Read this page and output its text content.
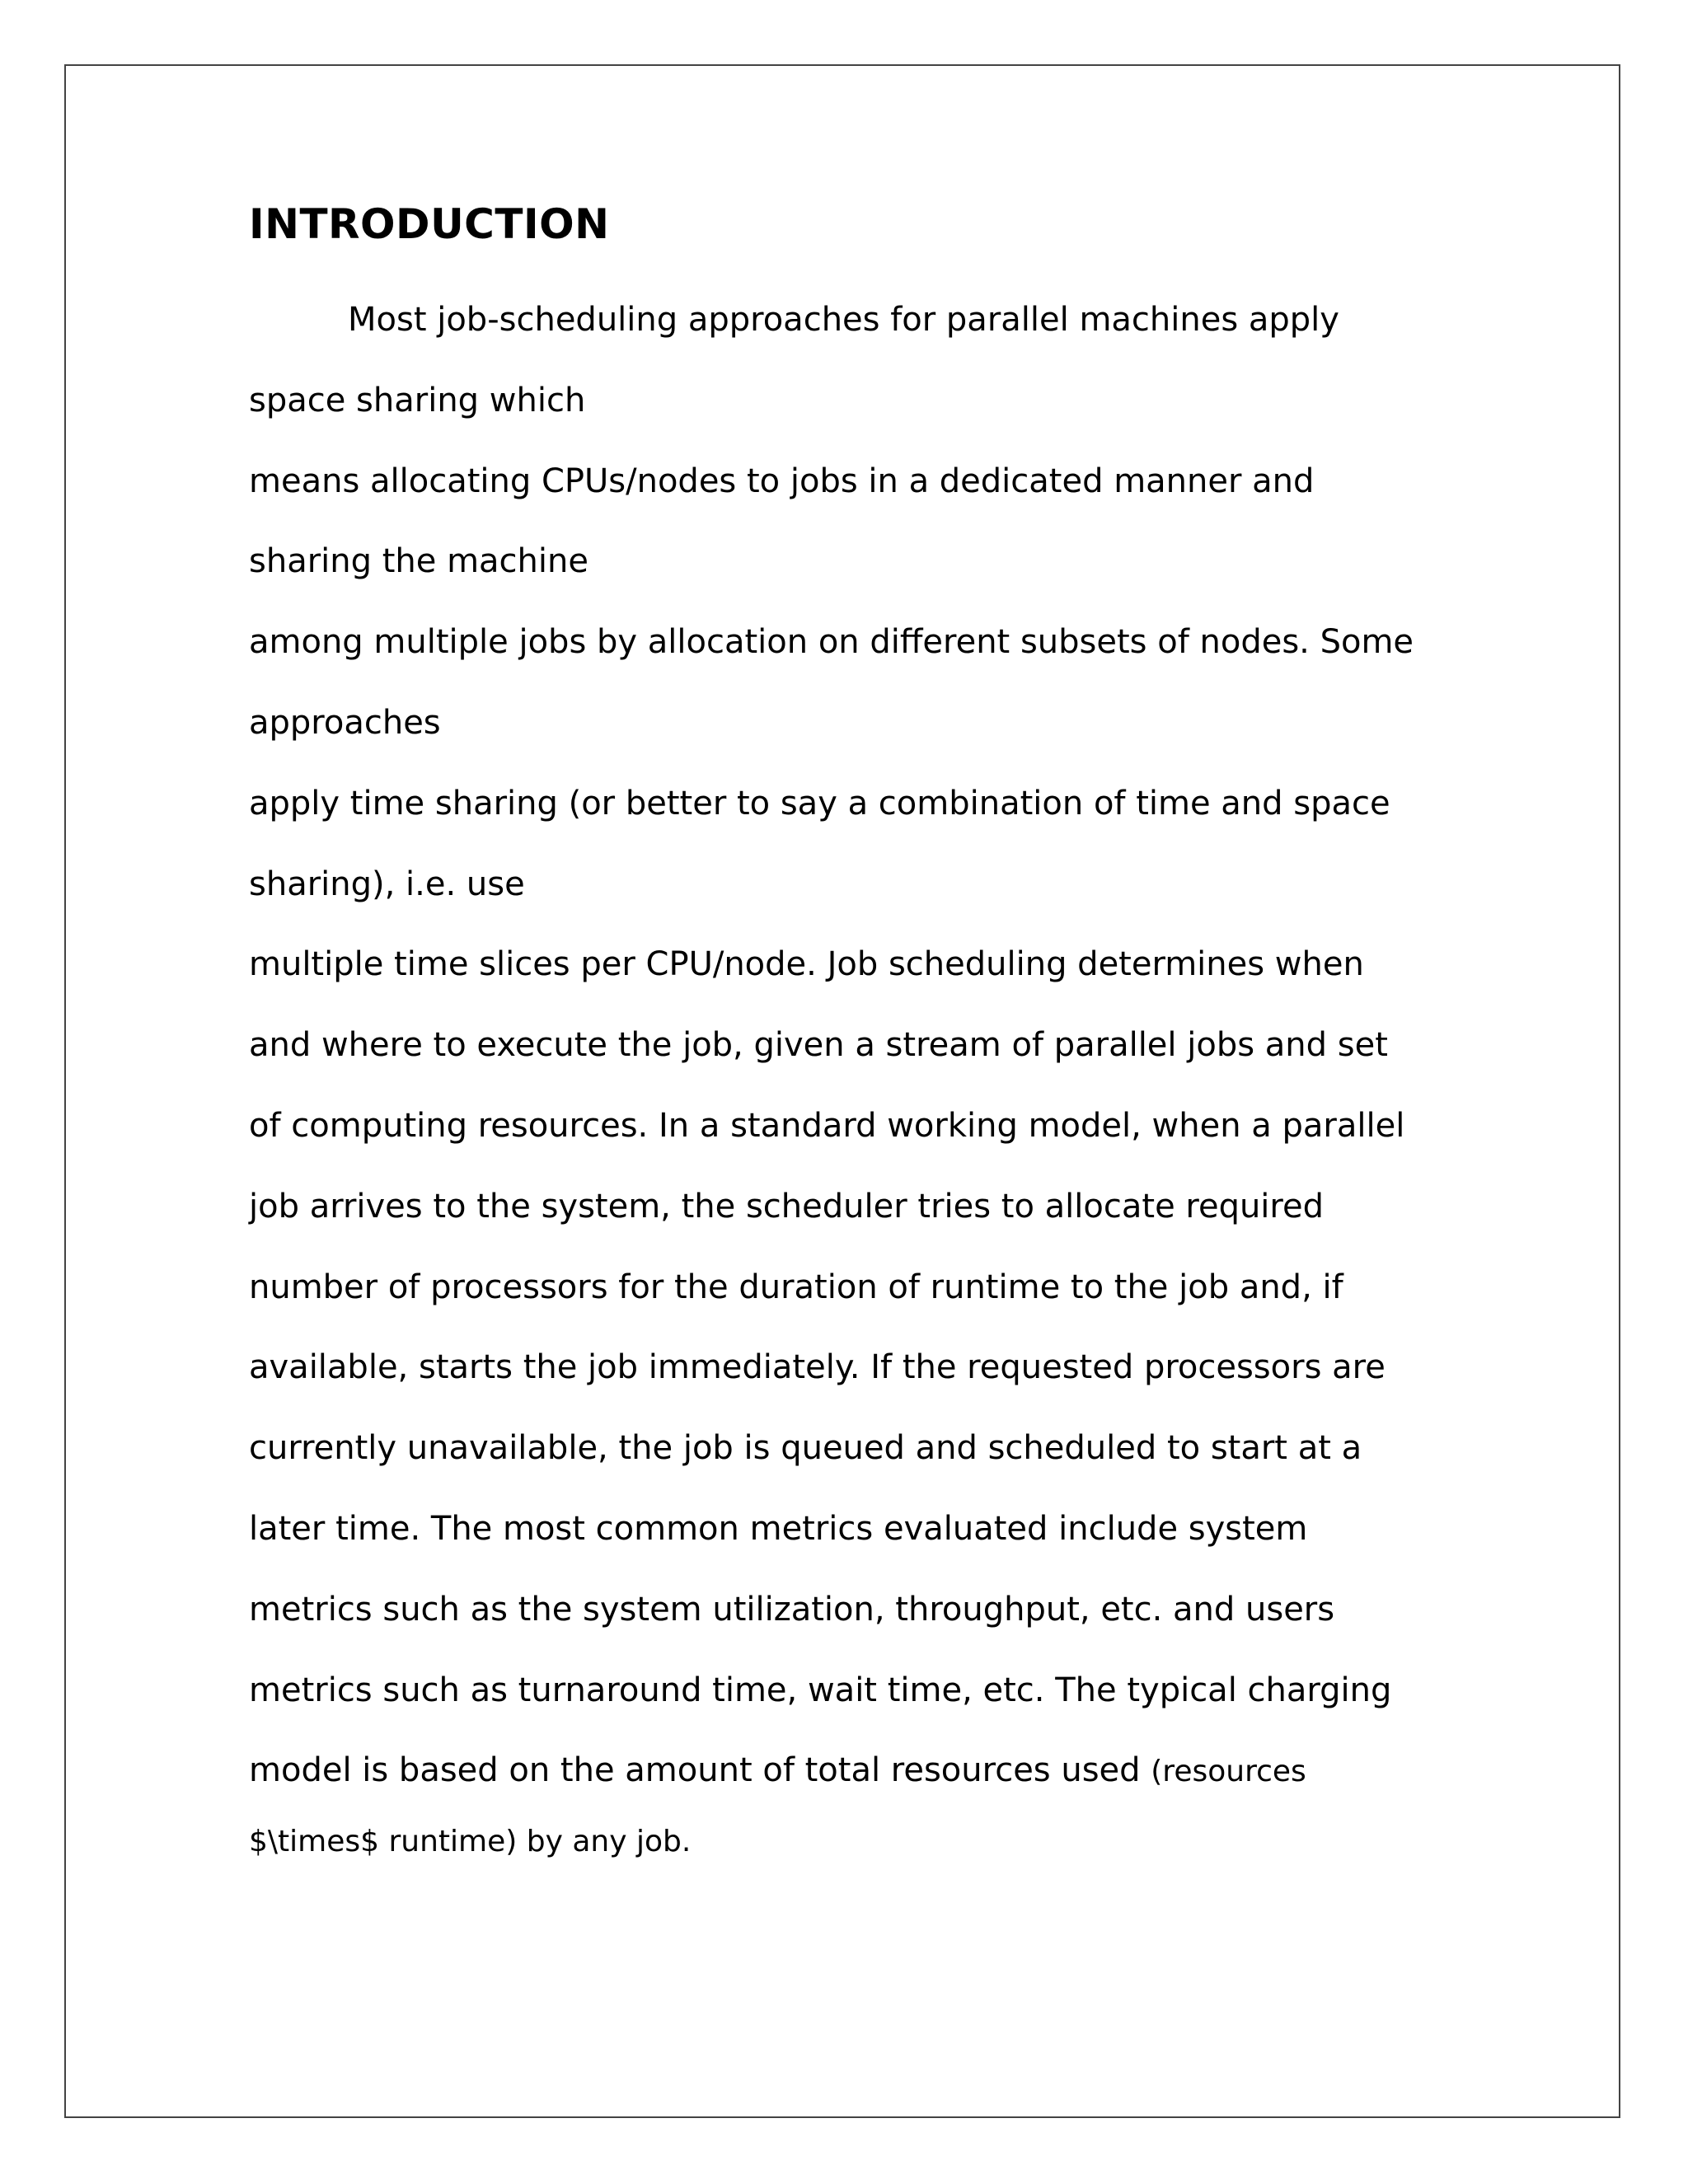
INTRODUCTION
Most job-scheduling approaches for parallel machines apply
space sharing which
means allocating CPUs/nodes to jobs in a dedicated manner and
sharing the machine
among multiple jobs by allocation on different subsets of nodes. Some
approaches
apply time sharing (or better to say a combination of time and space
sharing), i.e. use
multiple time slices per CPU/node. Job scheduling determines when
and where to execute the job, given a stream of parallel jobs and set
of computing resources. In a standard working model, when a parallel
job arrives to the system, the scheduler tries to allocate required
number of processors for the duration of runtime to the job and, if
available, starts the job immediately. If the requested processors are
currently unavailable, the job is queued and scheduled to start at a
later time. The most common metrics evaluated include system
metrics such as the system utilization, throughput, etc. and users
metrics such as turnaround time, wait time, etc. The typical charging
model is based on the amount of total resources used (resources
$\times$ runtime) by any job.
